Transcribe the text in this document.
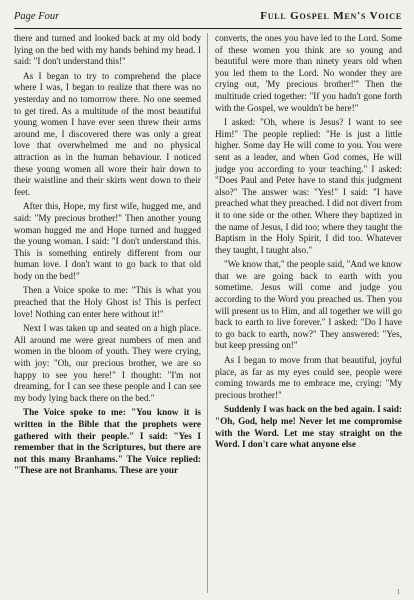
Page Four	Full Gospel Men's Voice

there and turned and looked back at my old body lying on the bed with my hands behind my head. I said: "I don't understand this!"

As I began to try to comprehend the place where I was, I began to realize that there was no yesterday and no tomorrow there. No one seemed to get tired. As a multitude of the most beautiful young women I have ever seen threw their arms around me, I discovered there was only a great love that overwhelmed me and no physical attraction as in the human behaviour. I noticed these young women all wore their hair down to their waistline and their skirts went down to their feet.

After this, Hope, my first wife, hugged me, and said: "My precious brother!" Then another young woman hugged me and Hope turned and hugged the young woman. I said: "I don't understand this. This is something entirely different from our human love. I don't want to go back to that old body on the bed!"

Then a Voice spoke to me: "This is what you preached that the Holy Ghost is! This is perfect love! Nothing can enter here without it!"

Next I was taken up and seated on a high place. All around me were great numbers of men and women in the bloom of youth. They were crying, with joy: "Oh, our precious brother, we are so happy to see you here!" I thought: "I'm not dreaming, for I can see these people and I can see my body lying back there on the bed."

The Voice spoke to me: "You know it is written in the Bible that the prophets were gathered with their people." I said: "Yes I remember that in the Scriptures, but there are not this many Branhams." The Voice replied: "These are not Branhams. These are your

converts, the ones you have led to the Lord. Some of these women you think are so young and beautiful were more than ninety years old when you led them to the Lord. No wonder they are crying out, 'My precious brother!'" Then the multitude cried together: "If you hadn't gone forth with the Gospel, we wouldn't be here!"

I asked: "Oh, where is Jesus? I want to see Him!" The people replied: "He is just a little higher. Some day He will come to you. You were sent as a leader, and when God comes, He will judge you according to your teaching." I asked: "Does Paul and Peter have to stand this judgment also?" The answer was: "Yes!" I said: "I have preached what they preached. I did not divert from it to one side or the other. Where they baptized in the name of Jesus, I did too; where they taught the Baptism in the Holy Spirit, I did too. Whatever they taught, I taught also."

"We know that," the people said, "And we know that we are going back to earth with you sometime. Jesus will come and judge you according to the Word you preached us. Then you will present us to Him, and all together we will go back to earth to live forever." I asked: "Do I have to go back to earth, now?" They answered: "Yes, but keep pressing on!"

As I began to move from that beautiful, joyful place, as far as my eyes could see, people were coming towards me to embrace me, crying: "My precious brother!"

Suddenly I was back on the bed again. I said: "Oh, God, help me! Never let me compromise with the Word. Let me stay straight on the Word. I don't care what anyone else

1
